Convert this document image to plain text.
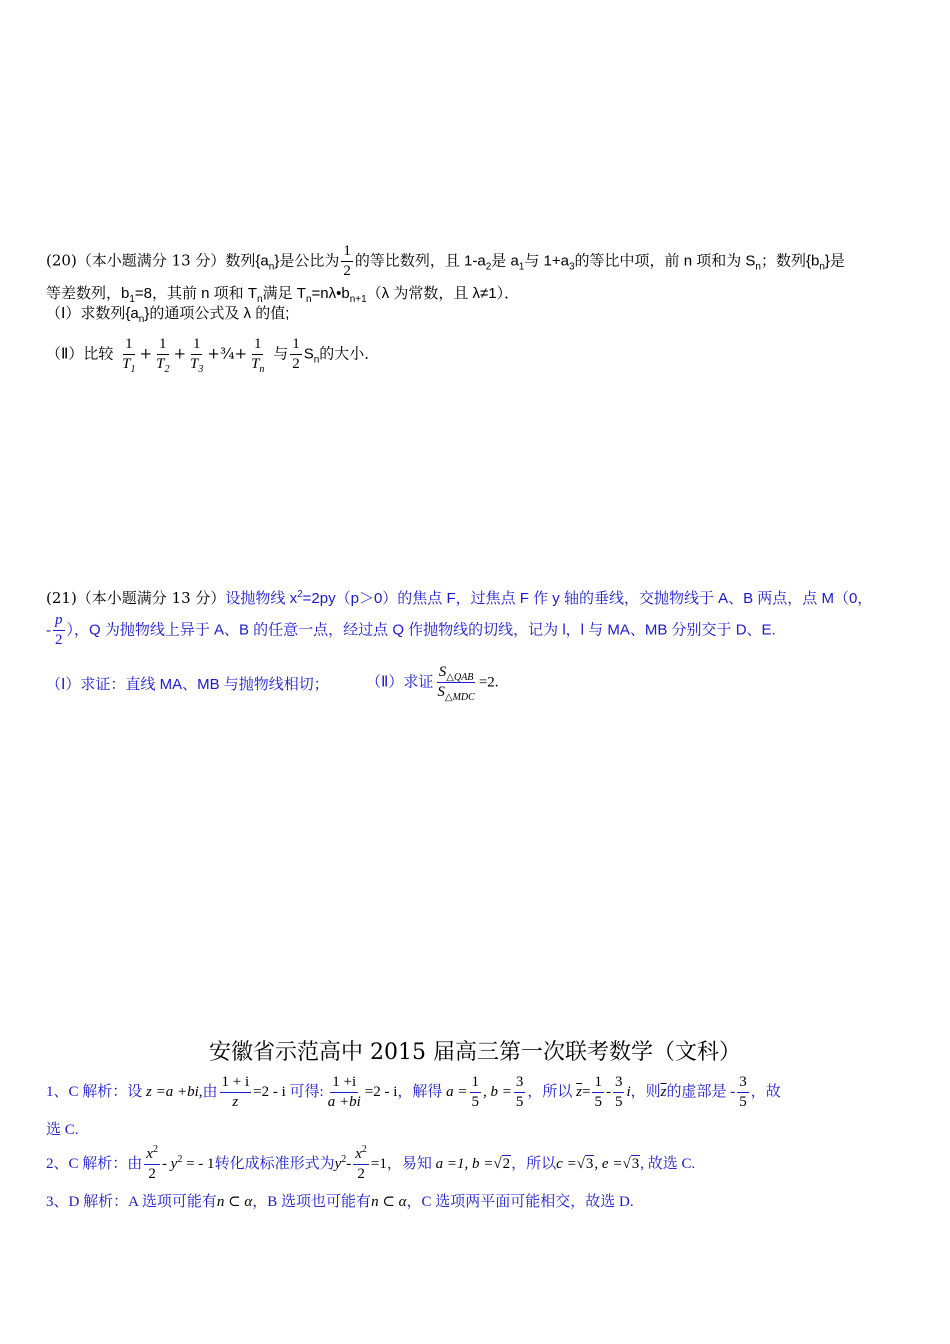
(20)（本小题满分 13 分）数列$\{a_n\}$是公比为 $\frac{1}{2}$ 的等比数列，且 $1-a_2$是 $a_1$与 $1+a_3$的等比中项，前 n 项和为 $S_n$；数列$\{b_n\}$是
等差数列，$b_1=8$，其前 n 项和 $T_n$满足 $T_n=n\lambda•b_{n+1}(\lambda$ 为常数，且 λ≠1）．
（Ⅰ）求数列$\{a_n\}$的通项公式及 λ 的值;
（Ⅱ）比较 $\frac{1}{T_1} + \frac{1}{T_2} + \frac{1}{T_3}$ +¾+ $\frac{1}{T_n}$ 与 $\frac{1}{2} S_n$的大小．
(21)（本小题满分 13 分）设抛物线 $x^2=2py(p>0)$的焦点 F，过焦点 F 作 y 轴的垂线，交抛物线于 A、B 两点，点 M（0，
- $\frac{p}{2}$ ），Q 为抛物线上异于 A、B 的任意一点，经过点 Q 作抛物线的切线，记为 l，l 与 MA、MB 分别交于 D、E.
（Ⅰ）求证：直线 MA、MB 与抛物线相切； （Ⅱ）求证 $\frac{S_{\triangle QAB}}{S_{\triangle MDC}} =2$.
安徽省示范高中 2015 届高三第一次联考数学（文科）
1、C 解析：设 z =a +bi,由 $\frac{1 + i}{z} =2 - i$ 可得: $\frac{1 +i}{a +bi} =2 - i$，解得 $a = \frac{1}{5}$ , $b = \frac{3}{5}$ ，所以 $\overline{z}= \frac{1}{5} - \frac{3}{5}$ i，则$\overline{z}$的虚部是 - $\frac{3}{5}$ ，故
选 C.
2、C 解析：由 $\frac{x^2}{2} - y^2$ = - 1转化成标准形式为$y^2- \frac{x^2}{2} =1$，易知 a =1, b =√2，所以c =√3, e =√3, 故选 C.
3、D 解析：A 选项可能有n ⊂ α，B 选项也可能有n ⊂ α，C 选项两平面可能相交，故选 D.
